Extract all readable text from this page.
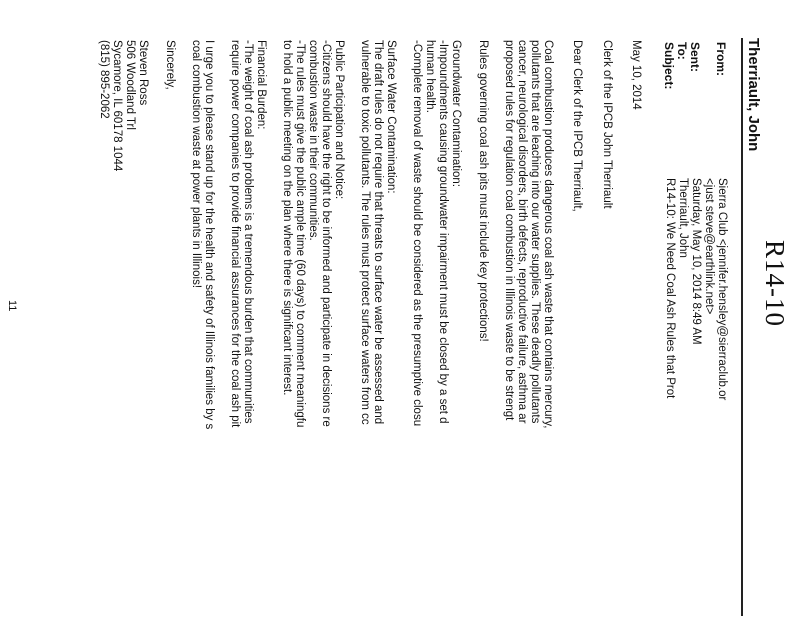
R14-10
Therriault, John
From:
Sierra Club <jennifer.hensley@sierraclub.or
<just steve@earthlink.net>
Sent:
Saturday, May 10, 2014 8:49 AM
To:
Therriault, John
Subject:
R14-10: We Need Coal Ash Rules that Prot
May 10, 2014
Clerk of the IPCB John Therriault
Dear Clerk of the IPCB Therriault,
Coal combustion produces dangerous coal ash waste that contains mercury,
pollutants that are leaching into our water supplies. These deadly pollutants
cancer, neurological disorders, birth defects, reproductive failure, asthma ar
proposed rules for regulation coal combustion in Illinois waste to be strengt
Rules governing coal ash pits must include key protections!
Groundwater Contamination:
-Impoundments causing groundwater impairment must be closed by a set d
human health.
-Complete removal of waste should be considered as the presumptive closu
Surface Water Contamination:
The draft rules do not require that threats to surface water be assessed and
vulnerable to toxic pollutants. The rules must protect surface waters from cc
Public Participation and Notice:
-Citizens should have the right to be informed and participate in decisions re
combustion waste in their communities.
-The rules must give the public ample time (60 days) to comment meaningfu
to hold a public meeting on the plan where there is significant interest.
Financial Burden:
-The weight of coal ash problems is a tremendous burden that communities
require power companies to provide financial assurances for the coal ash pit
I urge you to please stand up for the health and safety of Illinois families by s
coal combustion waste at power plants in Illinois!
Sincerely,
Steven Ross
506 Woodland Trl
Sycamore, IL 60178 1044
(815) 895-2062
11
